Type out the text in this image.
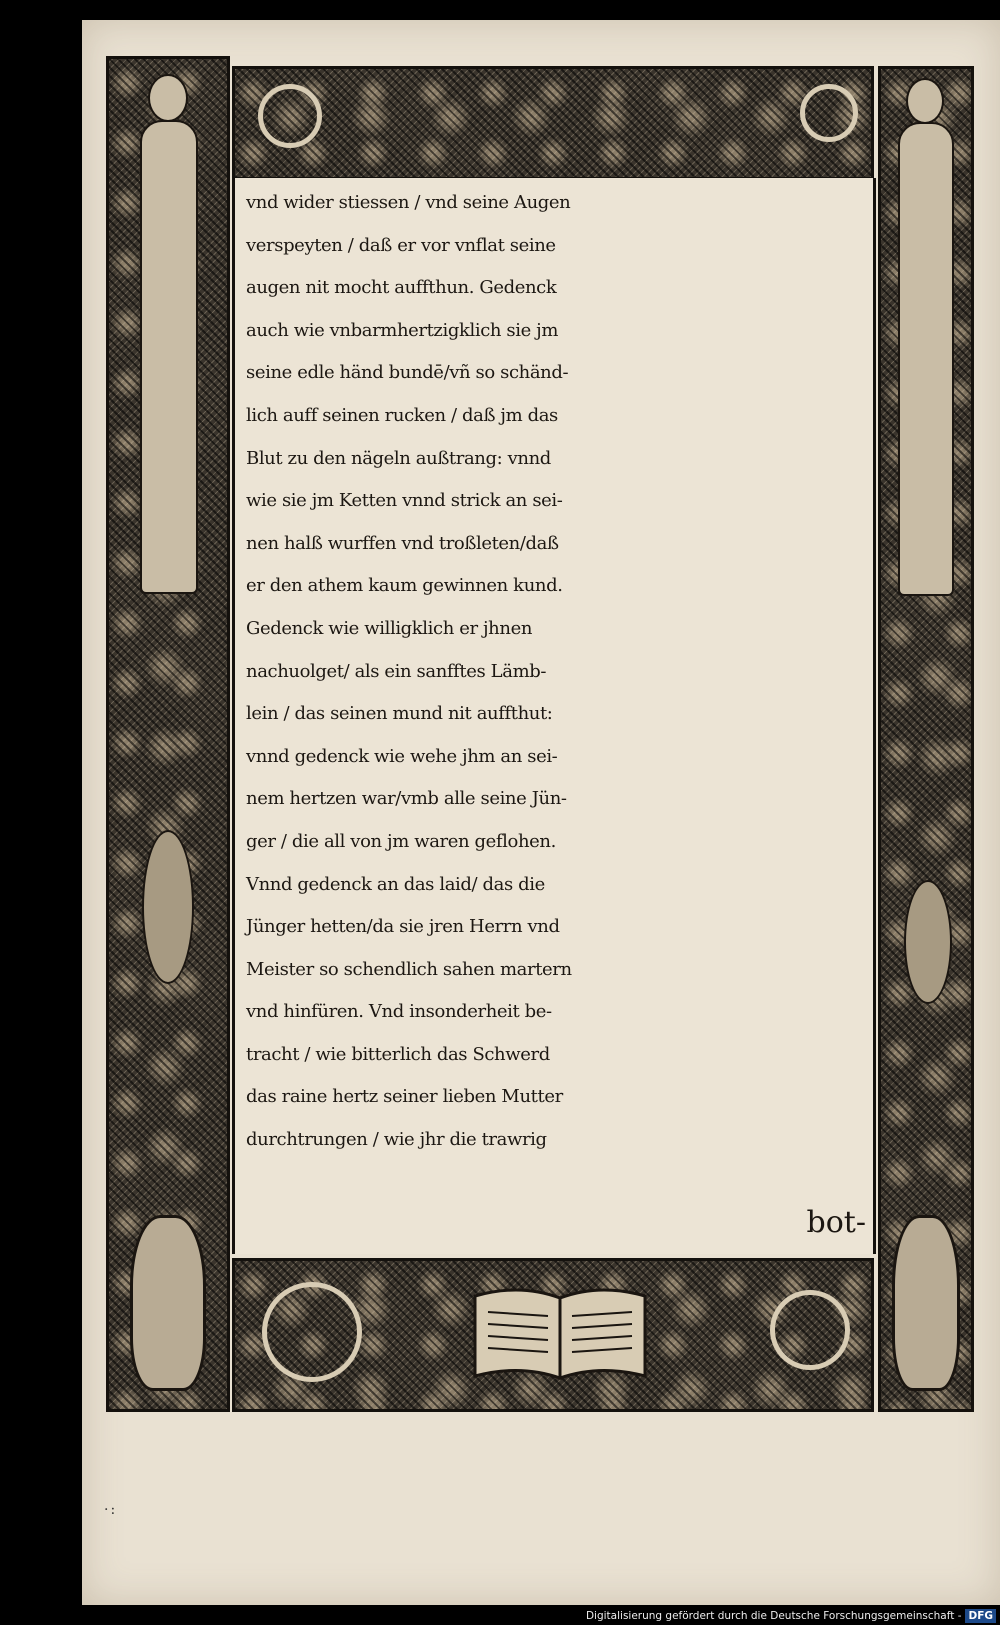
vnd wider stiessen / vnd seine Augen
verspeyten / daß er vor vnflat seine
augen nit mocht auffthun. Gedenck
auch wie vnbarmhertzigklich sie jm
seine edle händ bundē/vñ so schänd-
lich auff seinen rucken / daß jm das
Blut zu den nägeln außtrang: vnnd
wie sie jm Ketten vnnd strick an sei-
nen halß wurffen vnd troßleten/daß
er den athem kaum gewinnen kund.
Gedenck wie willigklich er jhnen
nachuolget/ als ein sanfftes Lämb-
lein / das seinen mund nit auffthut:
vnnd gedenck wie wehe jhm an sei-
nem hertzen war/vmb alle seine Jün-
ger / die all von jm waren geflohen.
Vnnd gedenck an das laid/ das die
Jünger hetten/da sie jren Herrn vnd
Meister so schendlich sahen martern
vnd hinfüren. Vnd insonderheit be-
tracht / wie bitterlich das Schwerd
das raine hertz seiner lieben Mutter
durchtrungen / wie jhr die trawrig
bot-
·:
Digitalisierung gefördert durch die Deutsche Forschungsgemeinschaft - DFG
